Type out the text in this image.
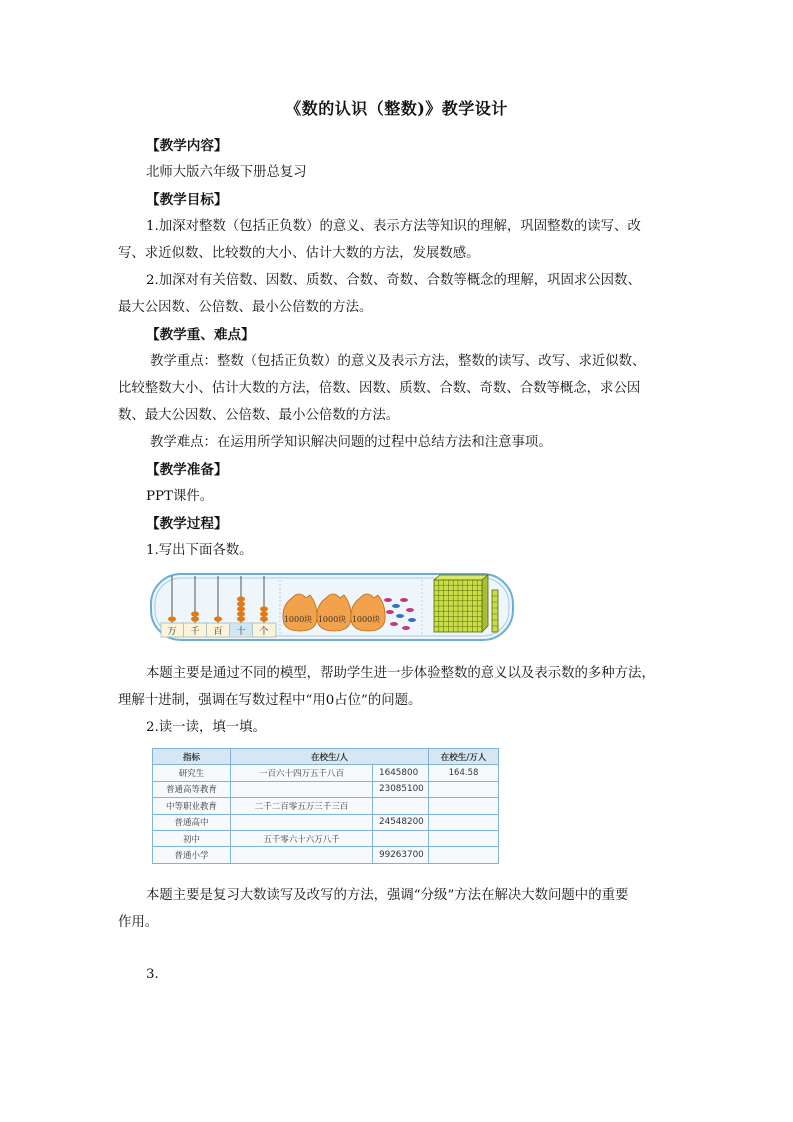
《数的认识（整数)》教学设计
【教学内容】
北师大版六年级下册总复习
【教学目标】
1.加深对整数（包括正负数）的意义、表示方法等知识的理解，巩固整数的读写、改
写、求近似数、比较数的大小、估计大数的方法，发展数感。
2.加深对有关倍数、因数、质数、合数、奇数、合数等概念的理解，巩固求公因数、
最大公因数、公倍数、最小公倍数的方法。
【教学重、难点】
教学重点：整数（包括正负数）的意义及表示方法，整数的读写、改写、求近似数、
比较整数大小、估计大数的方法，倍数、因数、质数、合数、奇数、合数等概念，求公因
数、最大公因数、公倍数、最小公倍数的方法。
教学难点：在运用所学知识解决问题的过程中总结方法和注意事项。
【教学准备】
PPT课件。
【教学过程】
1.写出下面各数。
万 千 百 十 个
1000块 1000块 1000块
本题主要是通过不同的模型，帮助学生进一步体验整数的意义以及表示数的多种方法，
理解十进制，强调在写数过程中“用0占位”的问题。
2.读一读，填一填。
指标	在校生/人		在校生/万人
研究生	一百六十四万五千八百	1645800	164.58
普通高等教育		23085100	
中等职业教育	二千二百零五万三千三百		
普通高中		24548200	
初中	五千零六十六万八千		
普通小学		99263700	
本题主要是复习大数读写及改写的方法，强调“分级”方法在解决大数问题中的重要
作用。
3.
